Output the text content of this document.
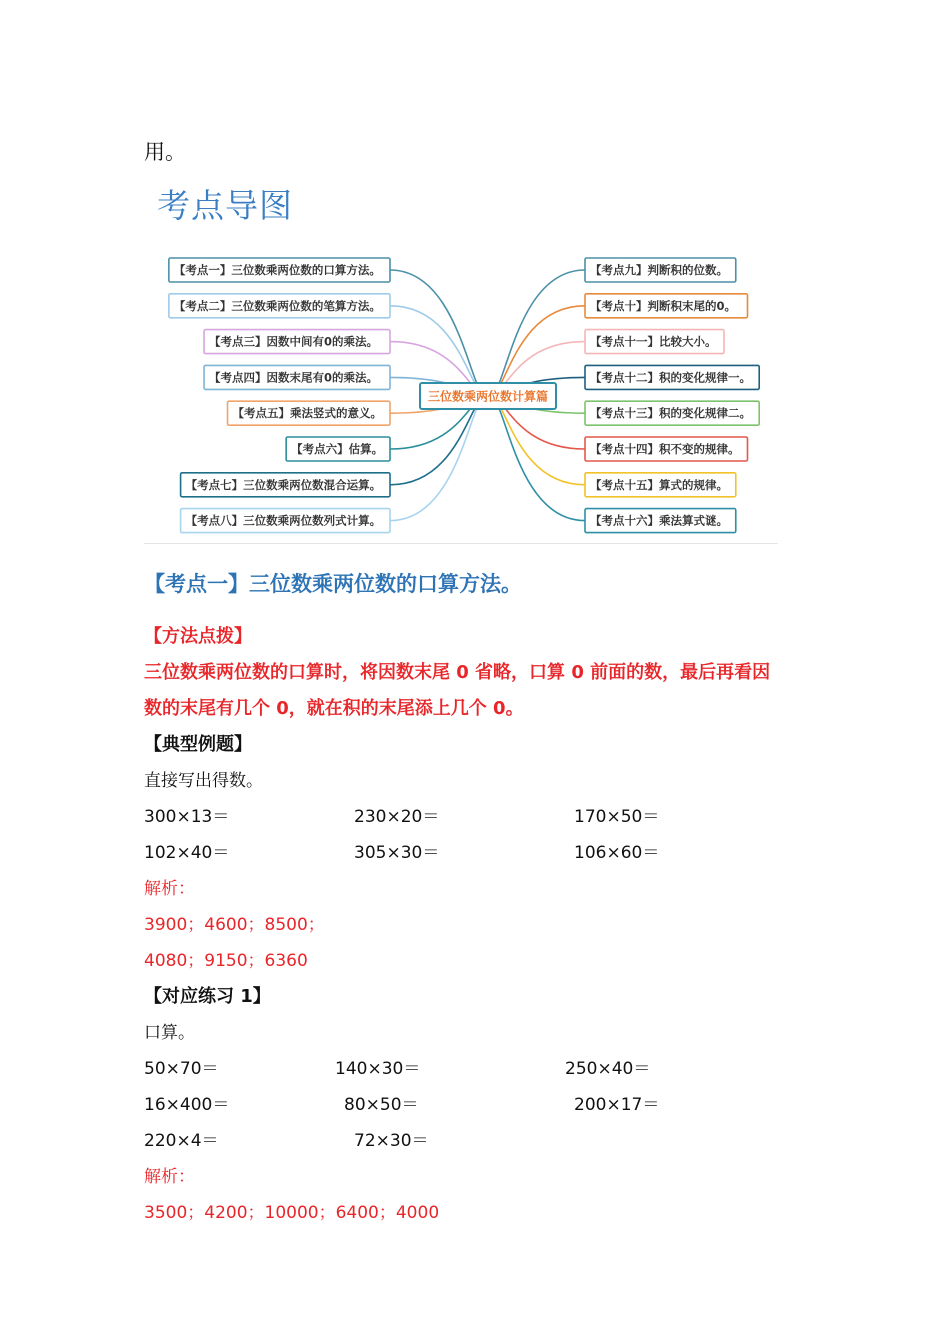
用。
考点导图
【考点一】三位数乘两位数的口算方法。
【考点二】三位数乘两位数的笔算方法。
【考点三】因数中间有0的乘法。
【考点四】因数末尾有0的乘法。
【考点五】乘法竖式的意义。
【考点六】估算。
【考点七】三位数乘两位数混合运算。
【考点八】三位数乘两位数列式计算。
【考点九】判断积的位数。
【考点十】判断积末尾的0。
【考点十一】比较大小。
【考点十二】积的变化规律一。
【考点十三】积的变化规律二。
【考点十四】积不变的规律。
【考点十五】算式的规律。
【考点十六】乘法算式谜。
三位数乘两位数计算篇
【考点一】三位数乘两位数的口算方法。
【方法点拨】
三位数乘两位数的口算时，将因数末尾 0 省略，口算 0 前面的数，最后再看因
数的末尾有几个 0，就在积的末尾添上几个 0。
【典型例题】
直接写出得数。
300×13＝	230×20＝	170×50＝
102×40＝	305×30＝	106×60＝
解析：
3900；4600；8500；
4080；9150；6360
【对应练习 1】
口算。
50×70＝	140×30＝	250×40＝
16×400＝	80×50＝	200×17＝
220×4＝	72×30＝
解析：
3500；4200；10000；6400；4000
